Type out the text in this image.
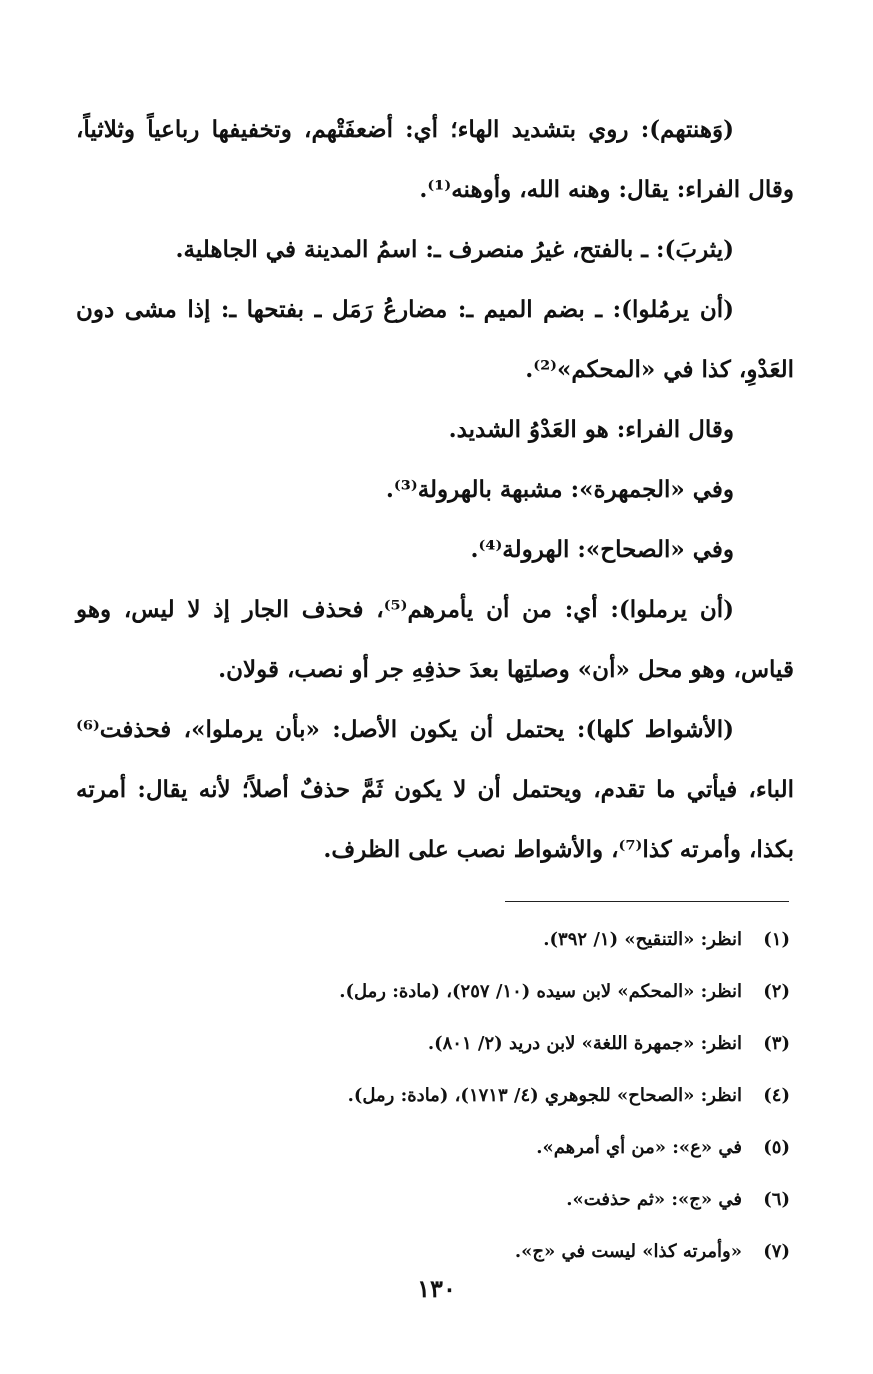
(وَهنتهم): روي بتشديد الهاء؛ أي: أضعفَتْهم، وتخفيفها رباعياً وثلاثياً، وقال الفراء: يقال: وهنه الله، وأوهنه⁽¹⁾.

(يثربَ): ـ بالفتح، غيرُ منصرف ـ: اسمُ المدينة في الجاهلية.

(أن يرمُلوا): ـ بضم الميم ـ: مضارعُ رَمَل ـ بفتحها ـ: إذا مشى دون العَدْوِ، كذا في «المحكم»⁽²⁾.

وقال الفراء: هو العَدْوُ الشديد.

وفي «الجمهرة»: مشبهة بالهرولة⁽³⁾.

وفي «الصحاح»: الهرولة⁽⁴⁾.

(أن يرملوا): أي: من أن يأمرهم⁽⁵⁾، فحذف الجار إذ لا ليس، وهو قياس، وهو محل «أن» وصلتِها بعدَ حذفِهِ جر أو نصب، قولان.

(الأشواط كلها): يحتمل أن يكون الأصل: «بأن يرملوا»، فحذفت⁽⁶⁾ الباء، فيأتي ما تقدم، ويحتمل أن لا يكون ثَمَّ حذفٌ أصلاً؛ لأنه يقال: أمرته بكذا، وأمرته كذا⁽⁷⁾، والأشواط نصب على الظرف.

(١)
انظر: «التنقيح» (١/ ٣٩٢).
(٢)
انظر: «المحكم» لابن سيده (١٠/ ٢٥٧)، (مادة: رمل).
(٣)
انظر: «جمهرة اللغة» لابن دريد (٢/ ٨٠١).
(٤)
انظر: «الصحاح» للجوهري (٤/ ١٧١٣)، (مادة: رمل).
(٥)
في «ع»: «من أي أمرهم».
(٦)
في «ج»: «ثم حذفت».
(٧)
«وأمرته كذا» ليست في «ج».
١٣٠
